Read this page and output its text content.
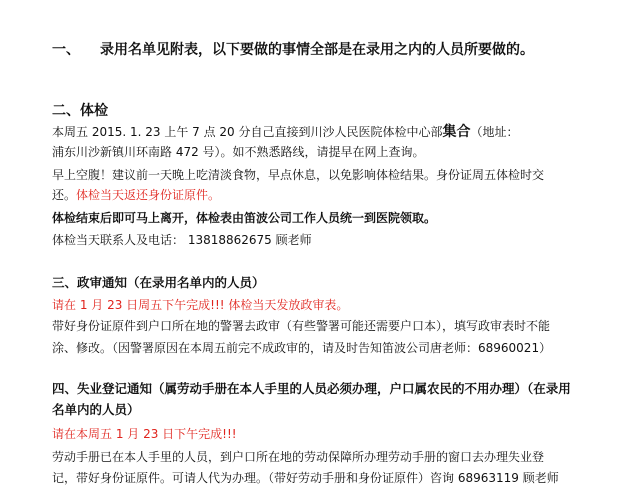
一、 录用名单见附表，以下要做的事情全部是在录用之内的人员所要做的。
二、体检
本周五 2015. 1. 23 上午 7 点 20 分自己直接到川沙人民医院体检中心部集合（地址：
浦东川沙新镇川环南路 472 号）。如不熟悉路线，请提早在网上查询。
早上空腹！建议前一天晚上吃清淡食物，早点休息，以免影响体检结果。身份证周五体检时交
还。体检当天返还身份证原件。
体检结束后即可马上离开，体检表由笛波公司工作人员统一到医院领取。
体检当天联系人及电话： 13818862675 顾老师
三、政审通知（在录用名单内的人员）
请在 1 月 23 日周五下午完成!!! 体检当天发放政审表。
带好身份证原件到户口所在地的警署去政审（有些警署可能还需要户口本），填写政审表时不能
涂、修改。（因警署原因在本周五前完不成政审的，请及时告知笛波公司唐老师：68960021）
四、失业登记通知（属劳动手册在本人手里的人员必须办理，户口属农民的不用办理）（在录用
名单内的人员）
请在本周五 1 月 23 日下午完成!!!
劳动手册已在本人手里的人员，到户口所在地的劳动保障所办理劳动手册的窗口去办理失业登
记，带好身份证原件。可请人代为办理。（带好劳动手册和身份证原件）咨询 68963119 顾老师
